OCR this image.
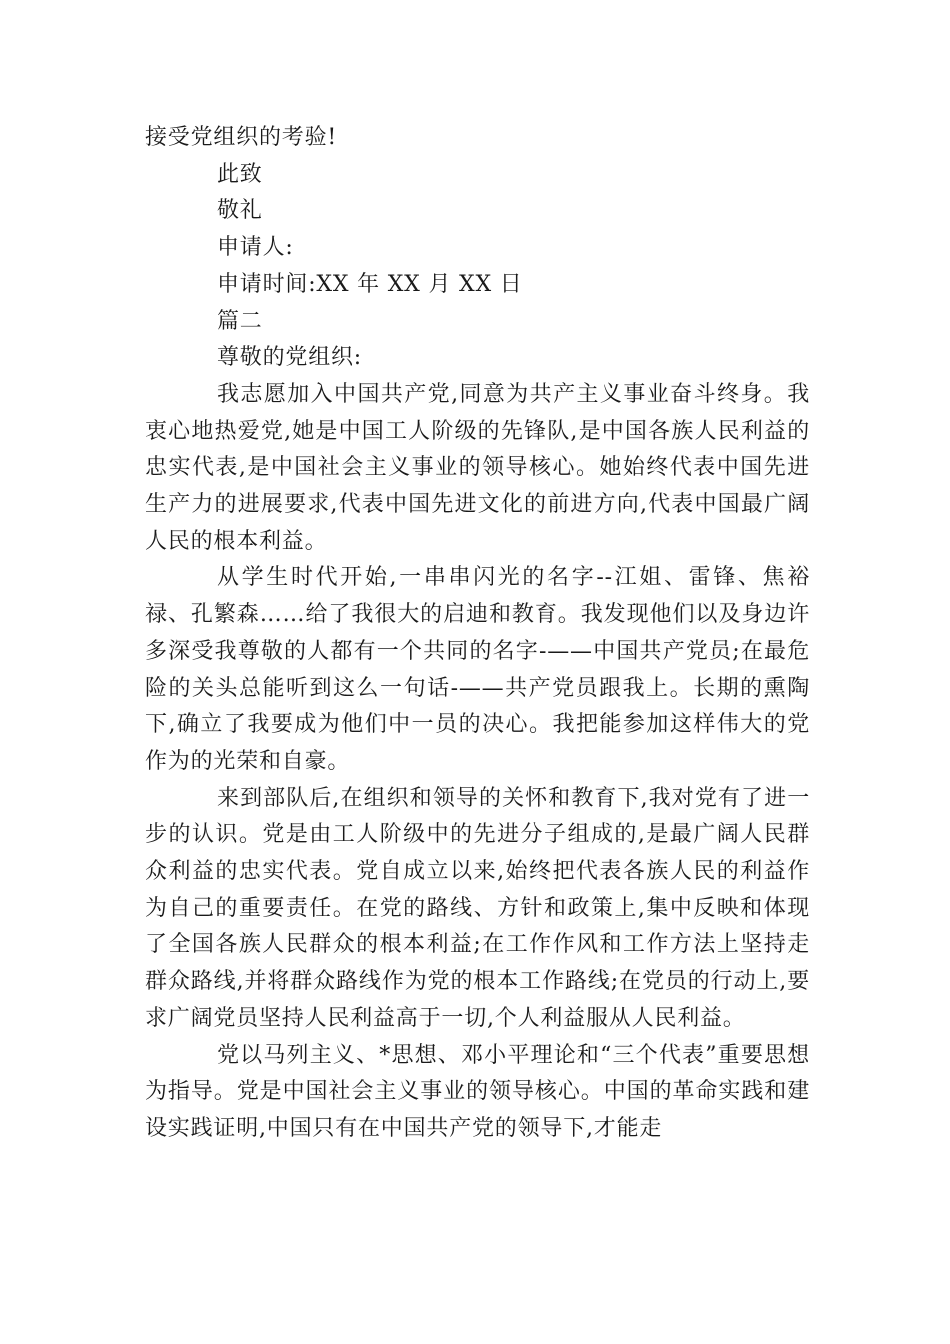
接受党组织的考验!

此致

敬礼

申请人:

申请时间:XX 年 XX 月 XX 日

篇二

尊敬的党组织:

我志愿加入中国共产党,同意为共产主义事业奋斗终身。我衷心地热爱党,她是中国工人阶级的先锋队,是中国各族人民利益的忠实代表,是中国社会主义事业的领导核心。她始终代表中国先进生产力的进展要求,代表中国先进文化的前进方向,代表中国最广阔人民的根本利益。

从学生时代开始,一串串闪光的名字--江姐、雷锋、焦裕禄、孔繁森……给了我很大的启迪和教育。我发现他们以及身边许多深受我尊敬的人都有一个共同的名字-——中国共产党员;在最危险的关头总能听到这么一句话-——共产党员跟我上。长期的熏陶下,确立了我要成为他们中一员的决心。我把能参加这样伟大的党作为的光荣和自豪。

来到部队后,在组织和领导的关怀和教育下,我对党有了进一步的认识。党是由工人阶级中的先进分子组成的,是最广阔人民群众利益的忠实代表。党自成立以来,始终把代表各族人民的利益作为自己的重要责任。在党的路线、方针和政策上,集中反映和体现了全国各族人民群众的根本利益;在工作作风和工作方法上坚持走群众路线,并将群众路线作为党的根本工作路线;在党员的行动上,要求广阔党员坚持人民利益高于一切,个人利益服从人民利益。

党以马列主义、*思想、邓小平理论和“三个代表”重要思想为指导。党是中国社会主义事业的领导核心。中国的革命实践和建设实践证明,中国只有在中国共产党的领导下,才能走
